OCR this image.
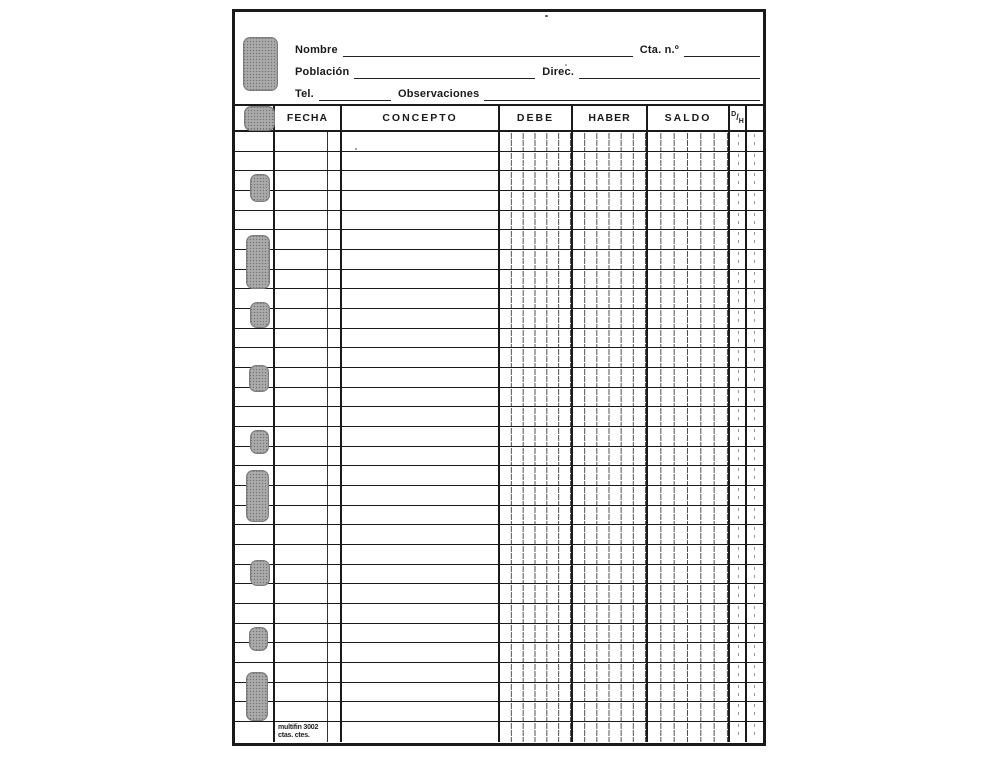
Nombre	Cta. n.º
Población	Direc.
Tel.	Observaciones
FECHA	CONCEPTO	DEBE	HABER	SALDO	$^D/_H$
multifin 3002
ctas. ctes.
